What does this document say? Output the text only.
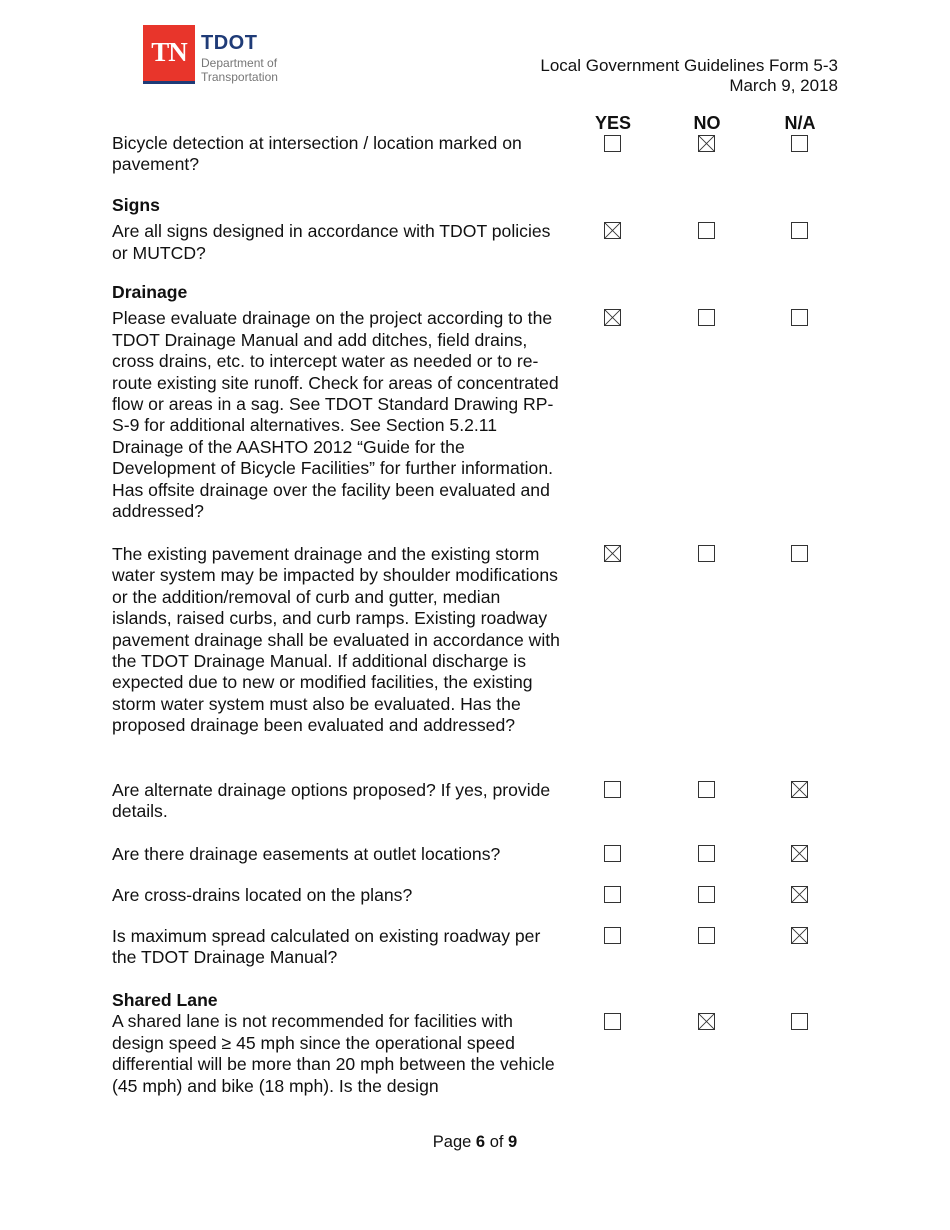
TN TDOT
Department of
Transportation
Local Government Guidelines Form 5-3
March 9, 2018
YES	NO	N/A
Bicycle detection at intersection / location marked on pavement?
Signs
Are all signs designed in accordance with TDOT policies or MUTCD?
Drainage
Please evaluate drainage on the project according to the TDOT Drainage Manual and add ditches, field drains, cross drains, etc. to intercept water as needed or to re-route existing site runoff. Check for areas of concentrated flow or areas in a sag. See TDOT Standard Drawing RP-S-9 for additional alternatives. See Section 5.2.11 Drainage of the AASHTO 2012 “Guide for the Development of Bicycle Facilities” for further information. Has offsite drainage over the facility been evaluated and addressed?
The existing pavement drainage and the existing storm water system may be impacted by shoulder modifications or the addition/removal of curb and gutter, median islands, raised curbs, and curb ramps. Existing roadway pavement drainage shall be evaluated in accordance with the TDOT Drainage Manual. If additional discharge is expected due to new or modified facilities, the existing storm water system must also be evaluated. Has the proposed drainage been evaluated and addressed?
Are alternate drainage options proposed? If yes, provide details.
Are there drainage easements at outlet locations?
Are cross-drains located on the plans?
Is maximum spread calculated on existing roadway per the TDOT Drainage Manual?
Shared Lane
A shared lane is not recommended for facilities with design speed ≥ 45 mph since the operational speed differential will be more than 20 mph between the vehicle (45 mph) and bike (18 mph). Is the design
Page 6 of 9
